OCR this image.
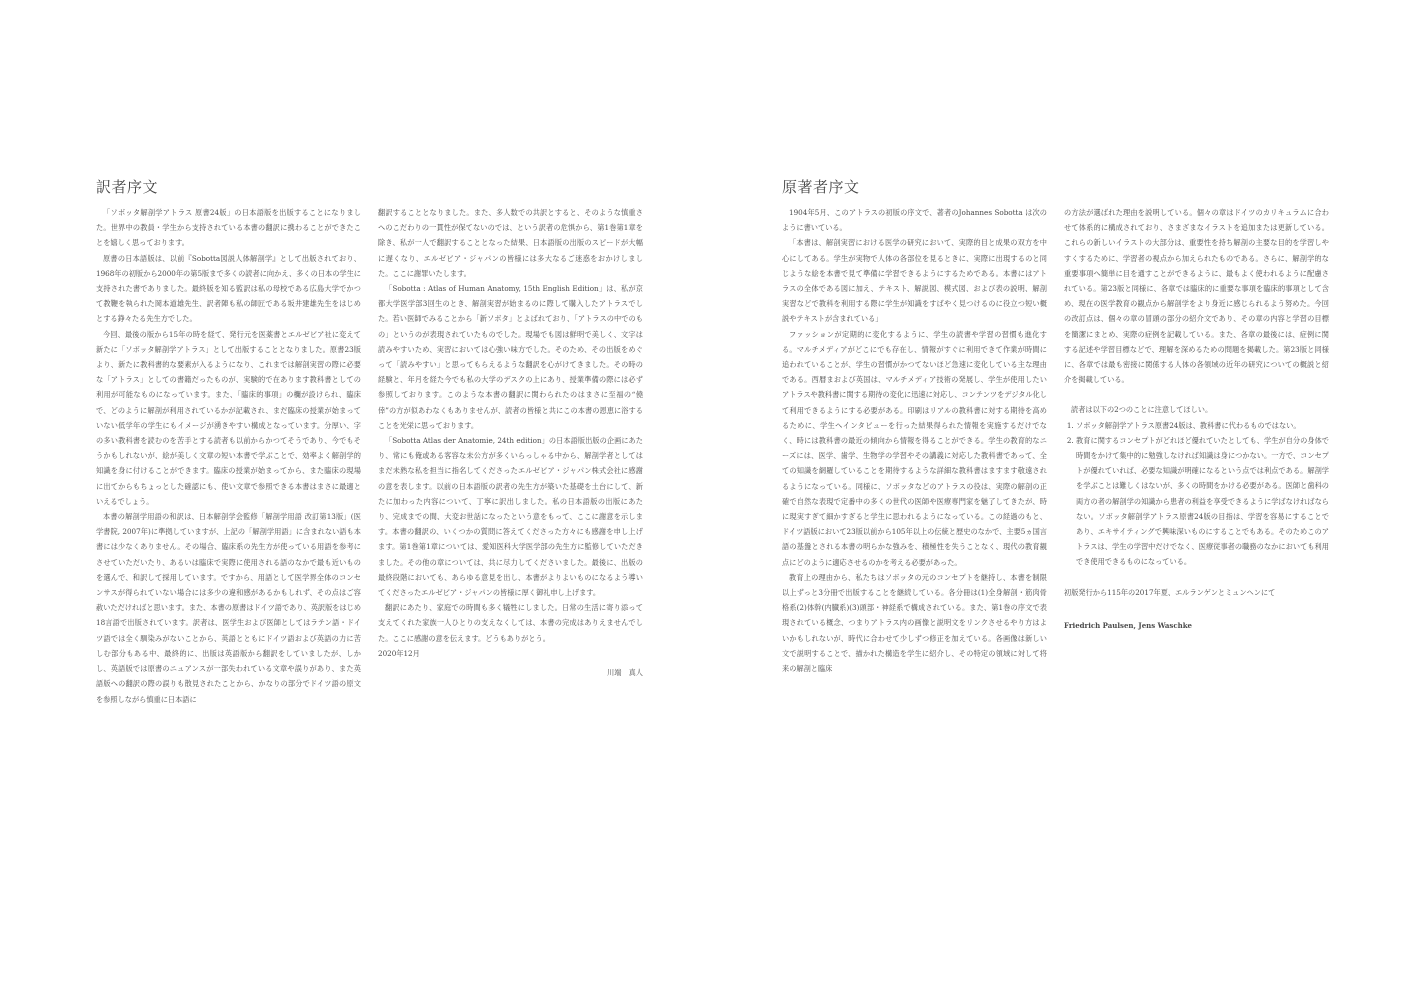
訳者序文

「ソボッタ解剖学アトラス 原書24版」の日本語版を出版することになりました。世界中の教員・学生から支持されている本書の翻訳に携わることができたことを嬉しく思っております。

原書の日本語版は、以前『Sobotta図説人体解剖学』として出版されており、1968年の初版から2000年の第5版まで多くの読者に向かえ、多くの日本の学生に支持された書でありました。最終版を知る監訳は私の母校である広島大学でかつて教鞭を執られた岡本道雄先生、訳者陣も私の師匠である坂井建雄先生をはじめとする錚々たる先生方でした。

今回、最後の版から15年の時を経て、発行元を医薬書とエルゼビア社に変えて新たに「ソボッタ解剖学アトラス」として出版することとなりました。原書23版より、新たに教科書的な要素が入るようになり、これまでは解剖実習の際に必要な「アトラス」としての書籍だったものが、実験的で在あります教科書としての利用が可能なものになっています。また、「臨床的事項」の欄が設けられ、臨床で、どのように解剖が利用されているかが記載され、まだ臨床の授業が始まっていない低学年の学生にもイメージが湧きやすい構成となっています。分厚い、字の多い教科書を読むのを苦手とする読者も以前からかつてそうであり、今でもそうかもしれないが、絵が美しく文章の短い本書で学ぶことで、効率よく解剖学的知識を身に付けることができます。臨床の授業が始まってから、また臨床の現場に出てからもちょっとした確認にも、使い文章で参照できる本書はまさに最適といえるでしょう。

本書の解剖学用語の和訳は、日本解剖学会監修「解剖学用語 改訂第13版」(医学書院, 2007年)に準拠していますが、上記の「解剖学用語」に含まれない語も本書には少なくありません。その場合、臨床系の先生方が使っている用語を参考にさせていただいたり、あるいは臨床で実際に使用される語のなかで最も近いものを選んで、和訳して採用しています。ですから、用語として医学界全体のコンセンサスが得られていない場合には多少の違和感があるかもしれず、その点はご容赦いただければと思います。また、本書の原書はドイツ語であり、英訳版をはじめ18言語で出版されています。訳者は、医学生および医師としてはラテン語・ドイツ語では全く馴染みがないことから、英語とともにドイツ語および英語の力に苦しむ部分もある中、最終的に、出版は英語版から翻訳をしていましたが、しかし、英語版では原書のニュアンスが一部失われている文章や誤りがあり、また英語版への翻訳の際の誤りも散見されたことから、かなりの部分でドイツ語の原文を参照しながら慎重に日本語に

翻訳することとなりました。また、多人数での共訳とすると、そのような慎重さへのこだわりの一貫性が保てないのでは、という訳者の危惧から、第1巻第1章を除き、私が一人で翻訳することとなった結果、日本語版の出版のスピードが大幅に遅くなり、エルゼビア・ジャパンの皆様には多大なるご迷惑をおかけしました。ここに謝罪いたします。

「Sobotta : Atlas of Human Anatomy, 15th English Edition」は、私が京都大学医学部3回生のとき、解剖実習が始まるのに際して購入したアトラスでした。若い医師でみることから「新ソボタ」とよばれており、「アトラスの中でのもの」というのが表現されていたものでした。現場でも図は鮮明で美しく、文字は読みやすいため、実習においては心強い味方でした。そのため、その出版をめぐって「読みやすい」と思ってもらえるような翻訳を心がけてきました。その時の経験と、年月を経た今でも私の大学のデスクの上にあり、授業準備の際には必ず参照しております。このような本書の翻訳に関わられたのはまさに至福の“僥倖”の方が似あわなくもありませんが、読者の皆様と共にこの本書の恩恵に浴することを光栄に思っております。

「Sobotta Atlas der Anatomie, 24th edition」の日本語版出版の企画にあたり、常にも俺或ある客容な未公方が多くいらっしゃる中から、解剖学者としてはまだ未熟な私を担当に指名してくださったエルゼビア・ジャパン株式会社に感謝の意を表します。以前の日本語版の訳者の先生方が築いた基礎を土台にして、新たに加わった内容について、丁寧に訳出しました。私の日本語版の出版にあたり、完成までの間、大変お世話になったという意をもって、ここに謝意を示します。本書の翻訳の、いくつかの質問に答えてくださった方々にも感謝を申し上げます。第1巻第1章については、愛知医科大学医学部の先生方に監修していただきました。その他の章については、共に尽力してくださいました。最後に、出版の最終段階においても、あらゆる意見を出し、本書がよりよいものになるよう導いてくださったエルゼビア・ジャパンの皆様に厚く御礼申し上げます。

翻訳にあたり、家庭での時間も多く犠牲にしました。日常の生活に寄り添って支えてくれた家族一人ひとりの支えなくしては、本書の完成はありえませんでした。ここに感謝の意を伝えます。どうもありがとう。

2020年12月

川端　真人

原著者序文

1904年5月、このアトラスの初版の序文で、著者のJohannes Sobotta は次のように書いている。

「本書は、解剖実習における医学の研究において、実際的目と成果の双方を中心にしてある。学生が実物で人体の各部位を見るときに、実際に出現するのと同じような絵を本書で見て準備に学習できるようにするためである。本書にはアトラスの全体である図に加え、テキスト、解説図、模式図、および表の説明、解剖実習などで教科を利用する際に学生が知識をすばやく見つけるのに役立つ短い概説やテキストが含まれている」

ファッションが定期的に変化するように、学生の読書や学習の習慣も進化する。マルチメディアがどこにでも存在し、情報がすぐに利用できて作業が時間に追われていることが、学生の習慣がかつてないほど急速に変化している主な理由である。西暦まおよび英国は、マルチメディア技術の発展し、学生が使用したいアトラスや教科書に関する期待の変化に迅速に対応し、コンテンツをデジタル化して利用できるようにする必要がある。印刷はリアルの教科書に対する期待を高めるために、学生へインタビューを行った結果得られた情報を実施するだけでなく、時には教科書の最近の傾向から情報を得ることができる。学生の教育的なニーズには、医学、歯学、生物学の学習やその講義に対応した教科書であって、全ての知識を網羅していることを期待するような詳細な教科書はますます敬遠されるようになっている。同様に、ソボッタなどのアトラスの役は、実際の解剖の正確で自然な表現で定番中の多くの世代の医師や医療専門家を魅了してきたが、時に現実すぎて細かすぎると学生に思われるようになっている。この経過のもと、ドイツ語版において23版以前から105年以上の伝統と歴史のなかで、主要5ヵ国言語の基盤とされる本書の明らかな強みを、積極性を失うことなく、現代の教育観点にどのように適応させるのかを考える必要があった。

教育上の理由から、私たちはソボッタの元のコンセプトを継持し、本書を制限以上ずっと3分冊で出版することを継続している。各分冊は(1)全身解剖・筋肉骨格系(2)体幹(内臓系)(3)頭部・神経系で構成されている。また、第1巻の序文で表現されている概念、つまりアトラス内の画像と説明文をリンクさせるやり方はよいかもしれないが、時代に合わせて少しずつ修正を加えている。各画像は新しい文で説明することで、描かれた構造を学生に紹介し、その特定の領域に対して将来の解剖と臨床

の方法が選ばれた理由を説明している。個々の章はドイツのカリキュラムに合わせて体系的に構成されており、さまざまなイラストを追加または更新している。これらの新しいイラストの大部分は、重要性を持ち解剖の主要な目的を学習しやすくするために、学習者の視点から加えられたものである。さらに、解剖学的な重要事項へ簡単に目を通すことができるように、最もよく使われるように配慮されている。第23版と同様に、各章では臨床的に重要な事項を臨床的事項として含め、現在の医学教育の観点から解剖学をより身近に感じられるよう努めた。今回の改訂点は、個々の章の冒頭の部分の紹介文であり、その章の内容と学習の目標を簡潔にまとめ、実際の症例を記載している。また、各章の最後には、症例に関する記述や学習目標などで、理解を深めるための問題を掲載した。第23版と同様に、各章では最も密接に関係する人体の各領域の近年の研究についての概説と紹介を掲載している。

読者は以下の2つのことに注意してほしい。

1. ソボッタ解剖学アトラス原書24版は、教科書に代わるものではない。
2. 教育に関するコンセプトがどれほど優れていたとしても、学生が自分の身体で時間をかけて集中的に勉強しなければ知識は身につかない。一方で、コンセプトが優れていれば、必要な知識が明確になるという点では利点である。解剖学を学ぶことは難しくはないが、多くの時間をかける必要がある。医師と歯科の両方の者の解剖学の知識から患者の利益を享受できるように学ばなければならない。ソボッタ解剖学アトラス原書24版の目指は、学習を容易にすることであり、エキサイティングで興味深いものにすることでもある。そのためこのアトラスは、学生の学習中だけでなく、医療従事者の職務のなかにおいても利用でき使用できるものになっている。

初版発行から115年の2017年夏、エルランゲンとミュンヘンにて

Friedrich Paulsen, Jens Waschke
